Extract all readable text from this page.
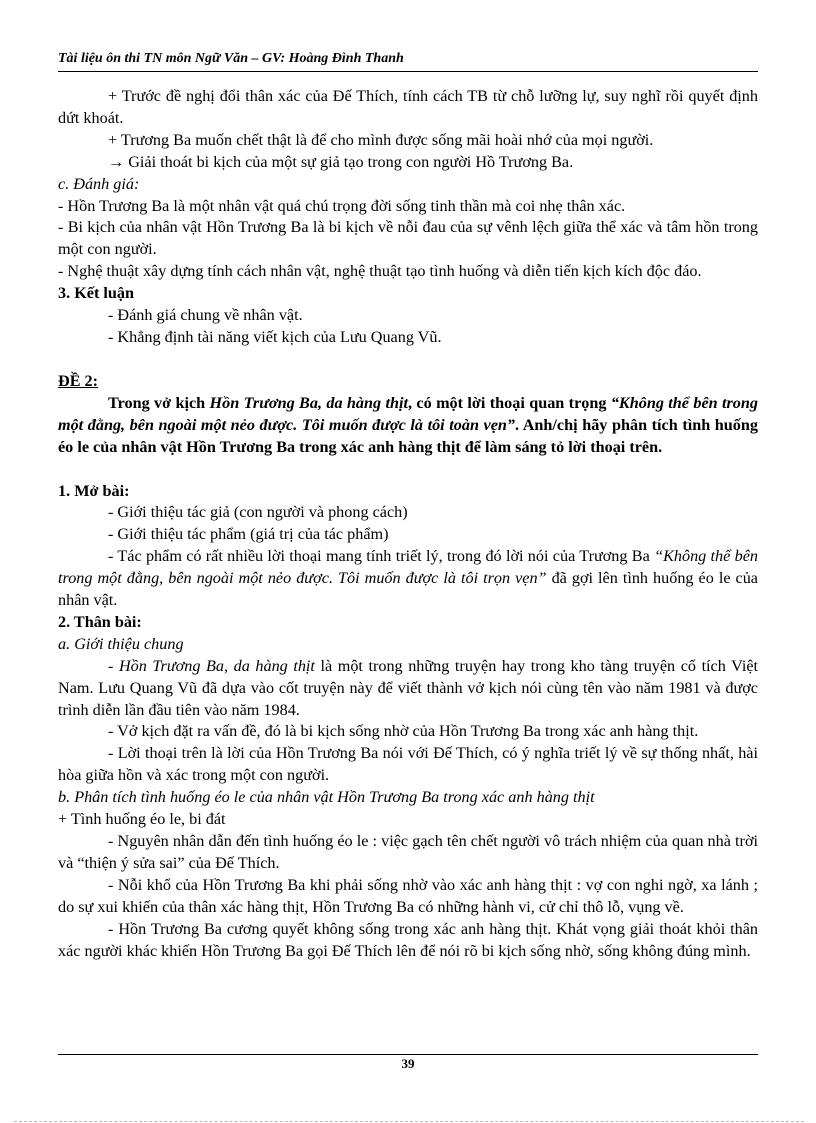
Tài liệu ôn thi TN môn Ngữ Văn – GV: Hoàng Đình Thanh

+ Trước đề nghị đổi thân xác của Đế Thích, tính cách TB từ chỗ lưỡng lự, suy nghĩ rồi quyết định dứt khoát.

+ Trương Ba muốn chết thật là để cho mình được sống mãi hoài nhớ của mọi người.

→ Giải thoát bi kịch của một sự giả tạo trong con người Hồ Trương Ba.

c. Đánh giá:

- Hồn Trương Ba là một nhân vật quá chú trọng đời sống tinh thần mà coi nhẹ thân xác.

- Bi kịch của nhân vật Hồn Trương Ba là bi kịch về nỗi đau của sự vênh lệch giữa thể xác và tâm hồn trong một con người.

- Nghệ thuật xây dựng tính cách nhân vật, nghệ thuật tạo tình huống và diễn tiến kịch kích độc đáo.

3. Kết luận

- Đánh giá chung về nhân vật.

- Khẳng định tài năng viết kịch của Lưu Quang Vũ.

ĐỀ 2:

Trong vở kịch Hồn Trương Ba, da hàng thịt, có một lời thoại quan trọng “Không thể bên trong một đằng, bên ngoài một nẻo được. Tôi muốn được là tôi toàn vẹn”. Anh/chị hãy phân tích tình huống éo le của nhân vật Hồn Trương Ba trong xác anh hàng thịt để làm sáng tỏ lời thoại trên.

1. Mở bài:

- Giới thiệu tác giả (con người và phong cách)

- Giới thiệu tác phẩm (giá trị của tác phẩm)

- Tác phẩm có rất nhiều lời thoại mang tính triết lý, trong đó lời nói của Trương Ba “Không thể bên trong một đằng, bên ngoài một nẻo được. Tôi muốn được là tôi trọn vẹn” đã gợi lên tình huống éo le của nhân vật.

2. Thân bài:

a. Giới thiệu chung

- Hồn Trương Ba, da hàng thịt là một trong những truyện hay trong kho tàng truyện cổ tích Việt Nam. Lưu Quang Vũ đã dựa vào cốt truyện này để viết thành vở kịch nói cùng tên vào năm 1981 và được trình diễn lần đầu tiên vào năm 1984.

- Vở kịch đặt ra vấn đề, đó là bi kịch sống nhờ của Hồn Trương Ba trong xác anh hàng thịt.

- Lời thoại trên là lời của Hồn Trương Ba nói với Đế Thích, có ý nghĩa triết lý về sự thống nhất, hài hòa giữa hồn và xác trong một con người.

b. Phân tích tình huống éo le của nhân vật Hồn Trương Ba trong xác anh hàng thịt

+ Tình huống éo le, bi đát

- Nguyên nhân dẫn đến tình huống éo le : việc gạch tên chết người vô trách nhiệm của quan nhà trời và “thiện ý sửa sai” của Đế Thích.

- Nỗi khổ của Hồn Trương Ba khi phải sống nhờ vào xác anh hàng thịt : vợ con nghi ngờ, xa lánh ; do sự xui khiến của thân xác hàng thịt, Hồn Trương Ba có những hành vi, cử chỉ thô lỗ, vụng về.

- Hồn Trương Ba cương quyết không sống trong xác anh hàng thịt. Khát vọng giải thoát khỏi thân xác người khác khiến Hồn Trương Ba gọi Đế Thích lên để nói rõ bi kịch sống nhờ, sống không đúng mình.

39
